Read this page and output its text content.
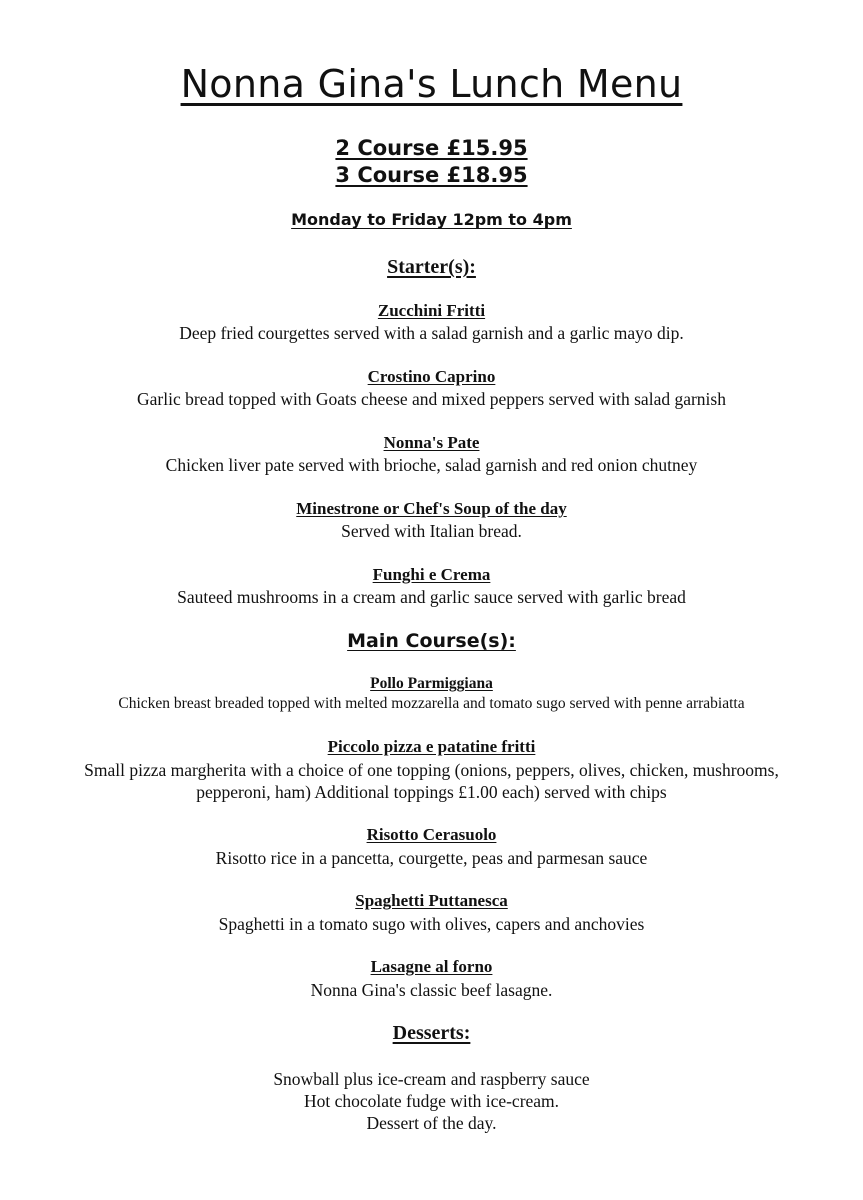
Nonna Gina's Lunch Menu
2 Course £15.95
3 Course £18.95
Monday to Friday 12pm to 4pm
Starter(s):
Zucchini Fritti
Deep fried courgettes served with a salad garnish and a garlic mayo dip.
Crostino Caprino
Garlic bread topped with Goats cheese and mixed peppers served with salad garnish
Nonna's Pate
Chicken liver pate served with brioche, salad garnish and red onion chutney
Minestrone or Chef's Soup of the day
Served with Italian bread.
Funghi e Crema
Sauteed mushrooms in a cream and garlic sauce served with garlic bread
Main Course(s):
Pollo Parmiggiana
Chicken breast breaded topped with melted mozzarella and tomato sugo served with penne arrabiatta
Piccolo pizza e patatine fritti
Small pizza margherita with a choice of one topping (onions, peppers, olives, chicken, mushrooms,
pepperoni, ham) Additional toppings £1.00 each) served with chips
Risotto Cerasuolo
Risotto rice in a pancetta, courgette, peas and parmesan sauce
Spaghetti Puttanesca
Spaghetti in a tomato sugo with olives, capers and anchovies
Lasagne al forno
Nonna Gina's classic beef lasagne.
Desserts:
Snowball plus ice-cream and raspberry sauce
Hot chocolate fudge with ice-cream.
Dessert of the day.
